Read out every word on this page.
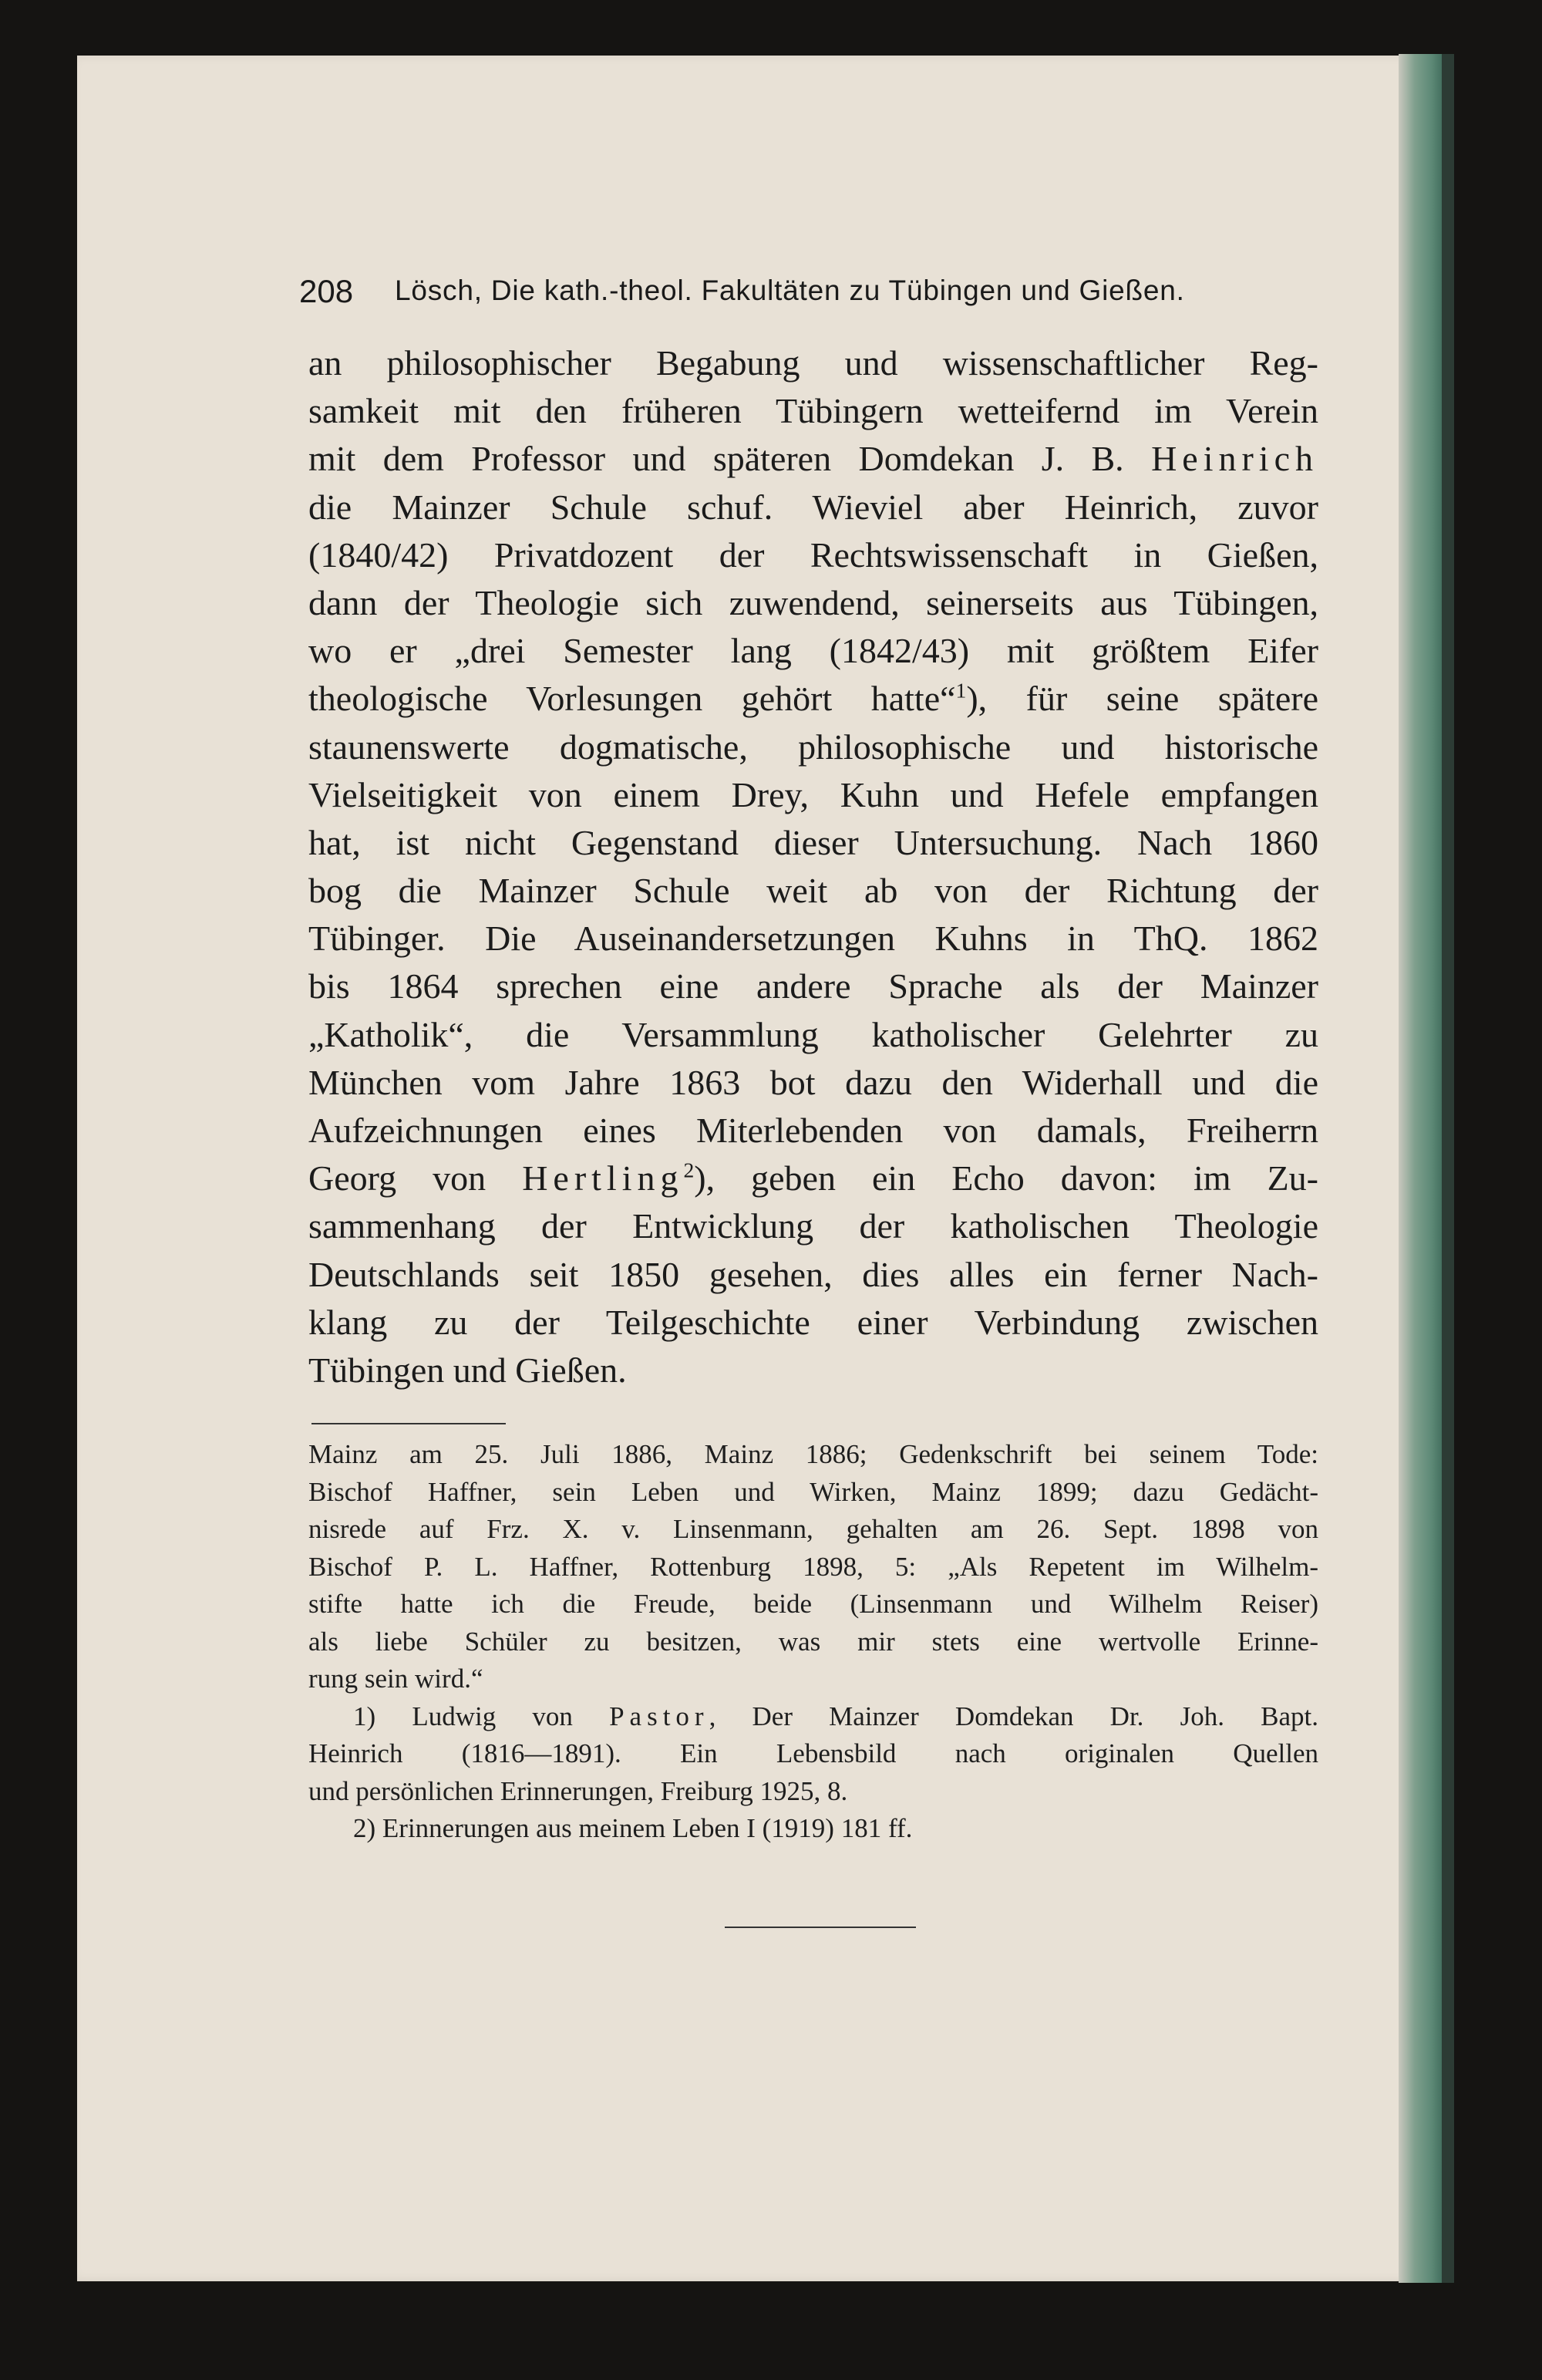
208 Lösch, Die kath.-theol. Fakultäten zu Tübingen und Gießen.
an philosophischer Begabung und wissenschaftlicher Reg-
samkeit mit den früheren Tübingern wetteifernd im Verein
mit dem Professor und späteren Domdekan J. B. Heinrich
die Mainzer Schule schuf. Wieviel aber Heinrich, zuvor
(1840/42) Privatdozent der Rechtswissenschaft in Gießen,
dann der Theologie sich zuwendend, seinerseits aus Tübingen,
wo er „drei Semester lang (1842/43) mit größtem Eifer
theologische Vorlesungen gehört hatte“$^1$), für seine spätere
staunenswerte dogmatische, philosophische und historische
Vielseitigkeit von einem Drey, Kuhn und Hefele empfangen
hat, ist nicht Gegenstand dieser Untersuchung. Nach 1860
bog die Mainzer Schule weit ab von der Richtung der
Tübinger. Die Auseinandersetzungen Kuhns in ThQ. 1862
bis 1864 sprechen eine andere Sprache als der Mainzer
„Katholik“, die Versammlung katholischer Gelehrter zu
München vom Jahre 1863 bot dazu den Widerhall und die
Aufzeichnungen eines Miterlebenden von damals, Freiherrn
Georg von Hertling$^2$), geben ein Echo davon: im Zu-
sammenhang der Entwicklung der katholischen Theologie
Deutschlands seit 1850 gesehen, dies alles ein ferner Nach-
klang zu der Teilgeschichte einer Verbindung zwischen
Tübingen und Gießen.
Mainz am 25. Juli 1886, Mainz 1886; Gedenkschrift bei seinem Tode:
Bischof Haffner, sein Leben und Wirken, Mainz 1899; dazu Gedächt-
nisrede auf Frz. X. v. Linsenmann, gehalten am 26. Sept. 1898 von
Bischof P. L. Haffner, Rottenburg 1898, 5: „Als Repetent im Wilhelm-
stifte hatte ich die Freude, beide (Linsenmann und Wilhelm Reiser)
als liebe Schüler zu besitzen, was mir stets eine wertvolle Erinne-
rung sein wird.“
1) Ludwig von Pastor, Der Mainzer Domdekan Dr. Joh. Bapt.
Heinrich (1816—1891). Ein Lebensbild nach originalen Quellen
und persönlichen Erinnerungen, Freiburg 1925, 8.
2) Erinnerungen aus meinem Leben I (1919) 181 ff.
